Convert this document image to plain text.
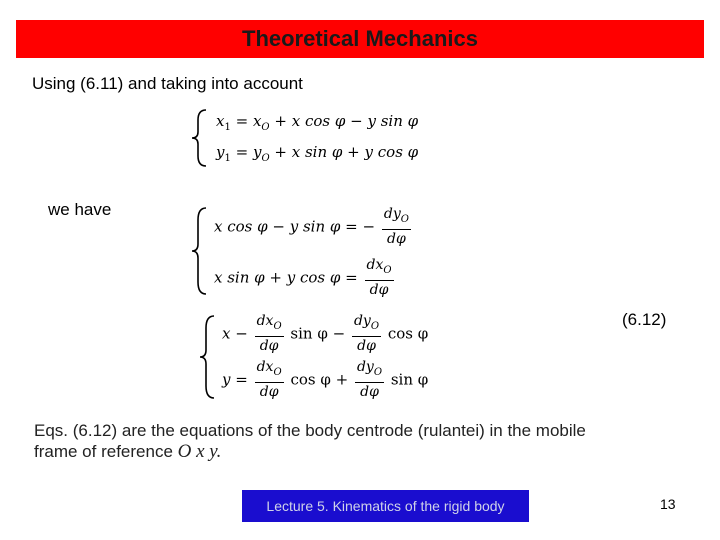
Theoretical Mechanics
Using (6.11) and taking into account
$x_1 = x_O + x$ cos φ − y sin φ
$y_1 = y_O + x$ sin φ + y cos φ
we have
x cos φ − y sin φ = − $\frac{dy_O}{d\varphi}$
x sin φ + y $\cos \varphi = \frac{dx_O}{d\varphi}$
(6.12)
$x - \frac{dx_O}{d\varphi}$ $\sin \varphi - \frac{dy_O}{d\varphi}$ cos φ
$y = \frac{dx_O}{d\varphi}$ $\cos \varphi + \frac{dy_O}{d\varphi}$ sin φ
Eqs. (6.12) are the equations of the body centrode (rulantei) in the mobile frame of reference O x y.
Lecture 5. Kinematics of the rigid body	13
